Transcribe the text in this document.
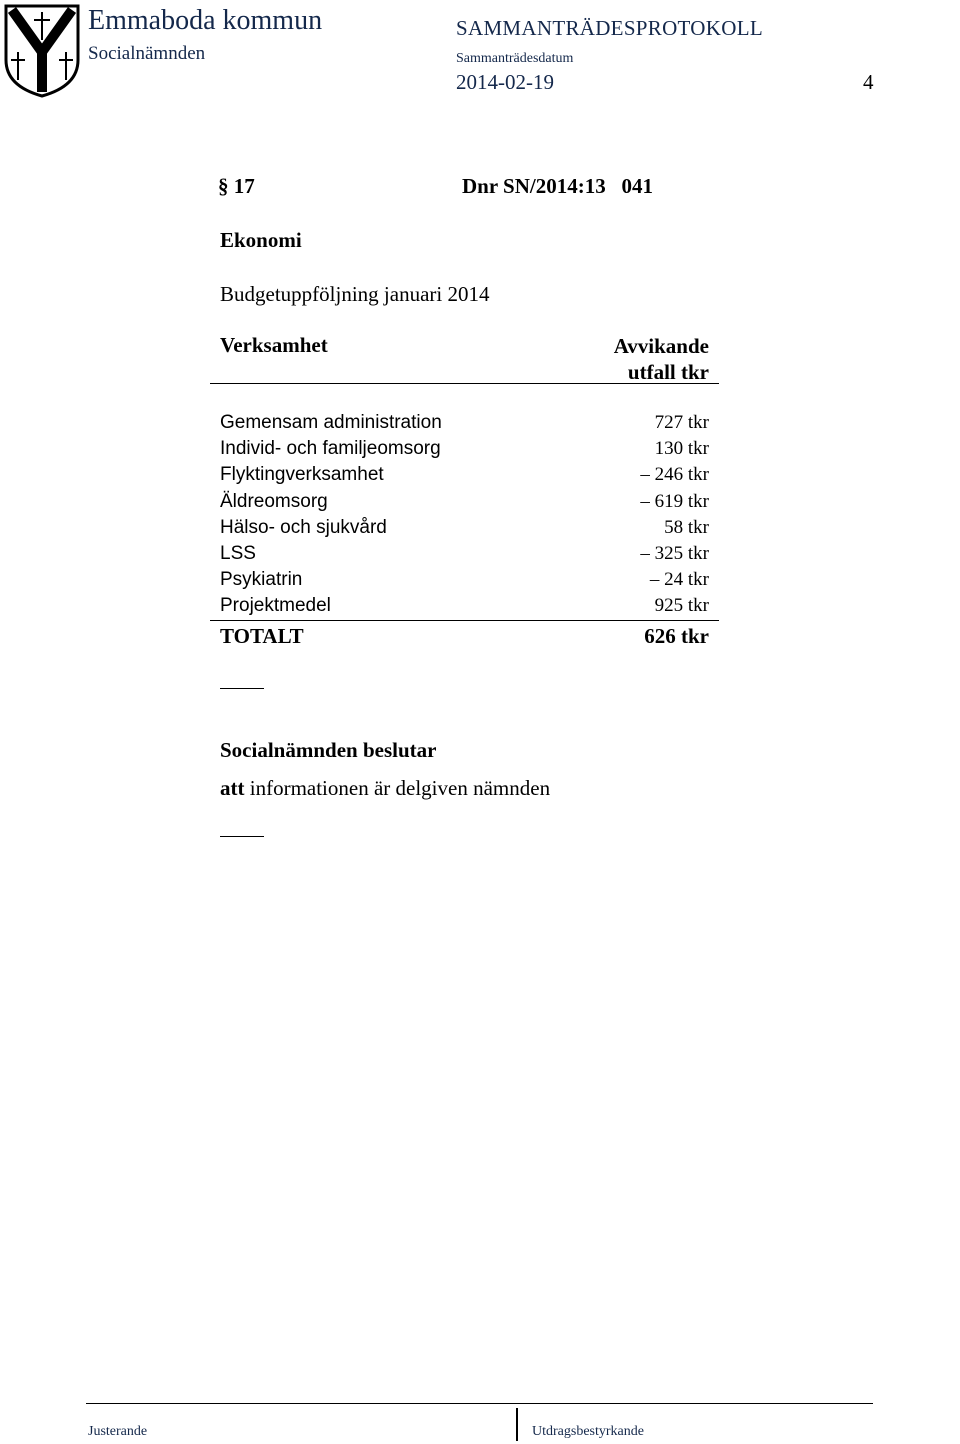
Emmaboda kommun
Socialnämnden
SAMMANTRÄDESPROTOKOLL
Sammanträdesdatum
2014-02-19	4
§ 17	Dnr SN/2014:13   041
Ekonomi
Budgetuppföljning januari 2014
Verksamhet	Avvikande
utfall tkr
Gemensam administration	727 tkr
Individ- och familjeomsorg	130 tkr
Flyktingverksamhet	– 246 tkr
Äldreomsorg	– 619 tkr
Hälso- och sjukvård	58 tkr
LSS	– 325 tkr
Psykiatrin	– 24 tkr
Projektmedel	925 tkr
TOTALT	626 tkr
Socialnämnden beslutar
att informationen är delgiven nämnden
Justerande	Utdragsbestyrkande
